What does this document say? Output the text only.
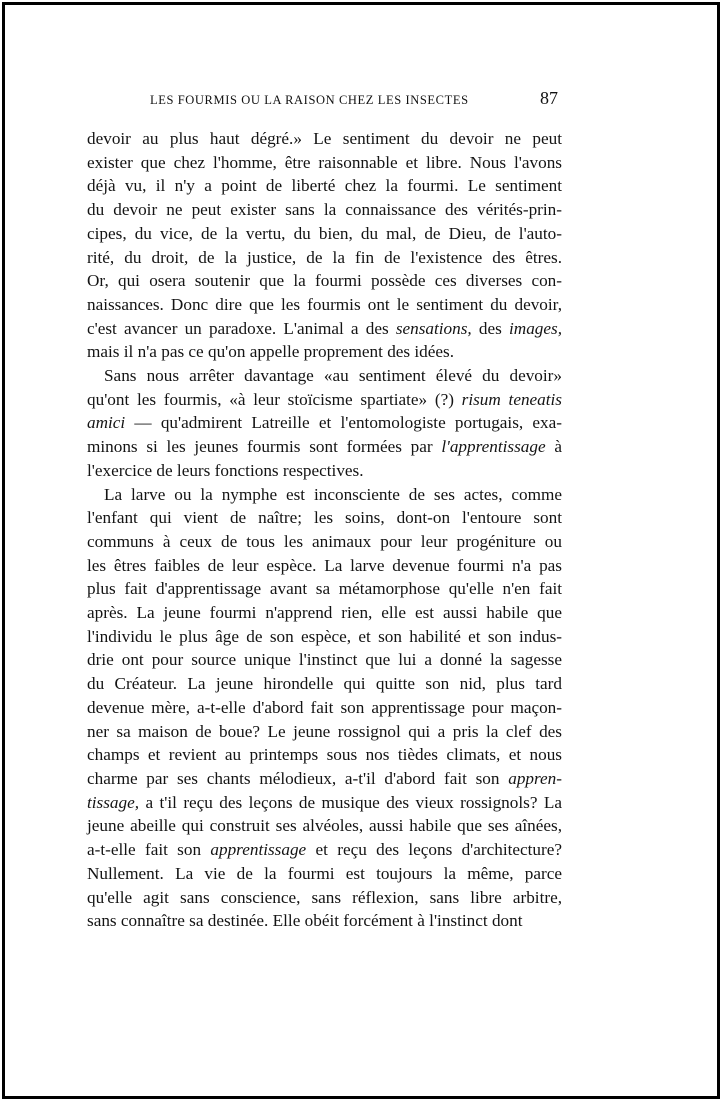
LES FOURMIS OU LA RAISON CHEZ LES INSECTES	87
devoir au plus haut dégré.» Le sentiment du devoir ne peut
exister que chez l'homme, être raisonnable et libre. Nous l'avons
déjà vu, il n'y a point de liberté chez la fourmi. Le sentiment
du devoir ne peut exister sans la connaissance des vérités-prin-
cipes, du vice, de la vertu, du bien, du mal, de Dieu, de l'auto-
rité, du droit, de la justice, de la fin de l'existence des êtres.
Or, qui osera soutenir que la fourmi possède ces diverses con-
naissances. Donc dire que les fourmis ont le sentiment du devoir,
c'est avancer un paradoxe. L'animal a des sensations, des images,
mais il n'a pas ce qu'on appelle proprement des idées.
Sans nous arrêter davantage «au sentiment élevé du devoir»
qu'ont les fourmis, «à leur stoïcisme spartiate» (?) risum teneatis
amici — qu'admirent Latreille et l'entomologiste portugais, exa-
minons si les jeunes fourmis sont formées par l'apprentissage à
l'exercice de leurs fonctions respectives.
La larve ou la nymphe est inconsciente de ses actes, comme
l'enfant qui vient de naître; les soins, dont-on l'entoure sont
communs à ceux de tous les animaux pour leur progéniture ou
les êtres faibles de leur espèce. La larve devenue fourmi n'a pas
plus fait d'apprentissage avant sa métamorphose qu'elle n'en fait
après. La jeune fourmi n'apprend rien, elle est aussi habile que
l'individu le plus âge de son espèce, et son habilité et son indus-
drie ont pour source unique l'instinct que lui a donné la sagesse
du Créateur. La jeune hirondelle qui quitte son nid, plus tard
devenue mère, a-t-elle d'abord fait son apprentissage pour maçon-
ner sa maison de boue? Le jeune rossignol qui a pris la clef des
champs et revient au printemps sous nos tièdes climats, et nous
charme par ses chants mélodieux, a-t'il d'abord fait son appren-
tissage, a t'il reçu des leçons de musique des vieux rossignols? La
jeune abeille qui construit ses alvéoles, aussi habile que ses aînées,
a-t-elle fait son apprentissage et reçu des leçons d'architecture?
Nullement. La vie de la fourmi est toujours la même, parce
qu'elle agit sans conscience, sans réflexion, sans libre arbitre,
sans connaître sa destinée. Elle obéit forcément à l'instinct dont
